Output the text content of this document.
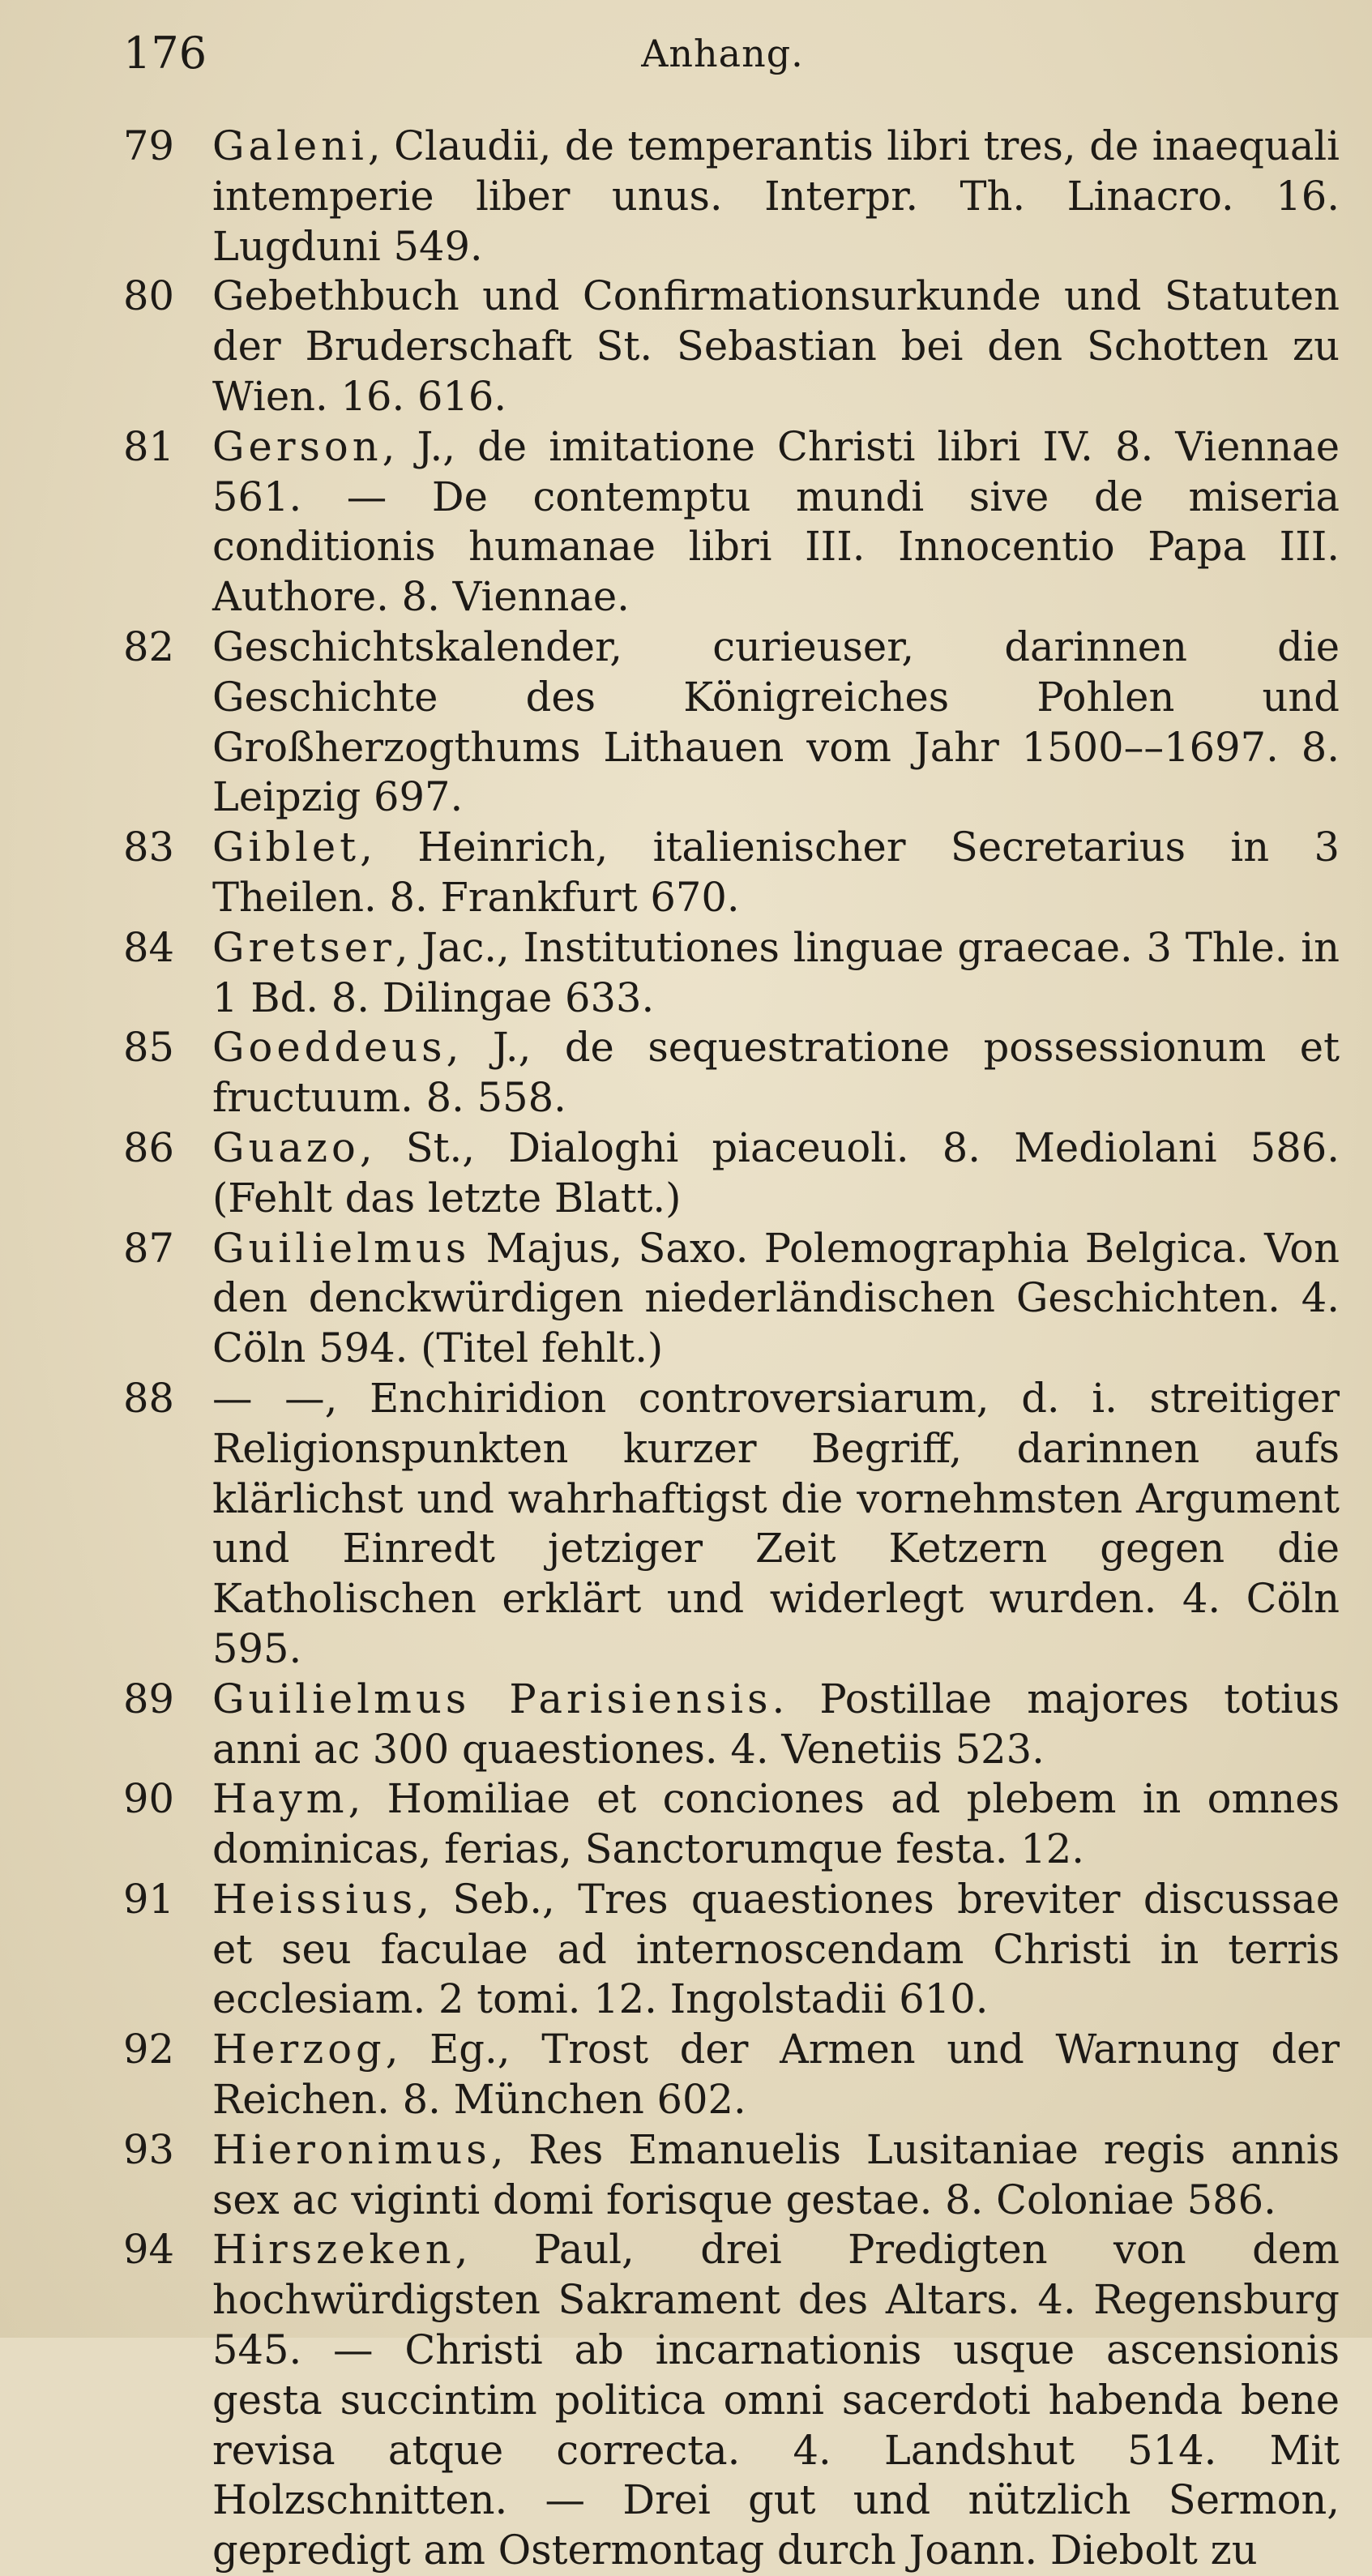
176	Anhang.
79 Galeni, Claudii, de temperantis libri tres, de inaequali intemperie liber unus. Interpr. Th. Linacro. 16. Lugduni 549.
80 Gebethbuch und Confirmationsurkunde und Statuten der Bruderschaft St. Sebastian bei den Schotten zu Wien. 16. 616.
81 Gerson, J., de imitatione Christi libri IV. 8. Viennae 561. — De contemptu mundi sive de miseria conditionis humanae libri III. Innocentio Papa III. Authore. 8. Viennae.
82 Geschichtskalender, curieuser, darinnen die Geschichte des Königreiches Pohlen und Großherzogthums Lithauen vom Jahr 1500––1697. 8. Leipzig 697.
83 Giblet, Heinrich, italienischer Secretarius in 3 Theilen. 8. Frankfurt 670.
84 Gretser, Jac., Institutiones linguae graecae. 3 Thle. in 1 Bd. 8. Dilingae 633.
85 Goeddeus, J., de sequestratione possessionum et fructuum. 8. 558.
86 Guazo, St., Dialoghi piaceuoli. 8. Mediolani 586. (Fehlt das letzte Blatt.)
87 Guilielmus Majus, Saxo. Polemographia Belgica. Von den denckwürdigen niederländischen Geschichten. 4. Cöln 594. (Titel fehlt.)
88 — —, Enchiridion controversiarum, d. i. streitiger Religionspunkten kurzer Begriff, darinnen aufs klärlichst und wahrhaftigst die vornehmsten Argument und Einredt jetziger Zeit Ketzern gegen die Katholischen erklärt und widerlegt wurden. 4. Cöln 595.
89 Guilielmus Parisiensis. Postillae majores totius anni ac 300 quaestiones. 4. Venetiis 523.
90 Haym, Homiliae et conciones ad plebem in omnes dominicas, ferias, Sanctorumque festa. 12.
91 Heissius, Seb., Tres quaestiones breviter discussae et seu faculae ad internoscendam Christi in terris ecclesiam. 2 tomi. 12. Ingolstadii 610.
92 Herzog, Eg., Trost der Armen und Warnung der Reichen. 8. München 602.
93 Hieronimus, Res Emanuelis Lusitaniae regis annis sex ac viginti domi forisque gestae. 8. Coloniae 586.
94 Hirszeken, Paul, drei Predigten von dem hochwürdigsten Sakrament des Altars. 4. Regensburg 545. — Christi ab incarnationis usque ascensionis gesta succintim politica omni sacerdoti habenda bene revisa atque correcta. 4. Landshut 514. Mit Holzschnitten. — Drei gut und nützlich Sermon, gepredigt am Ostermontag durch Joann. Diebolt zu
